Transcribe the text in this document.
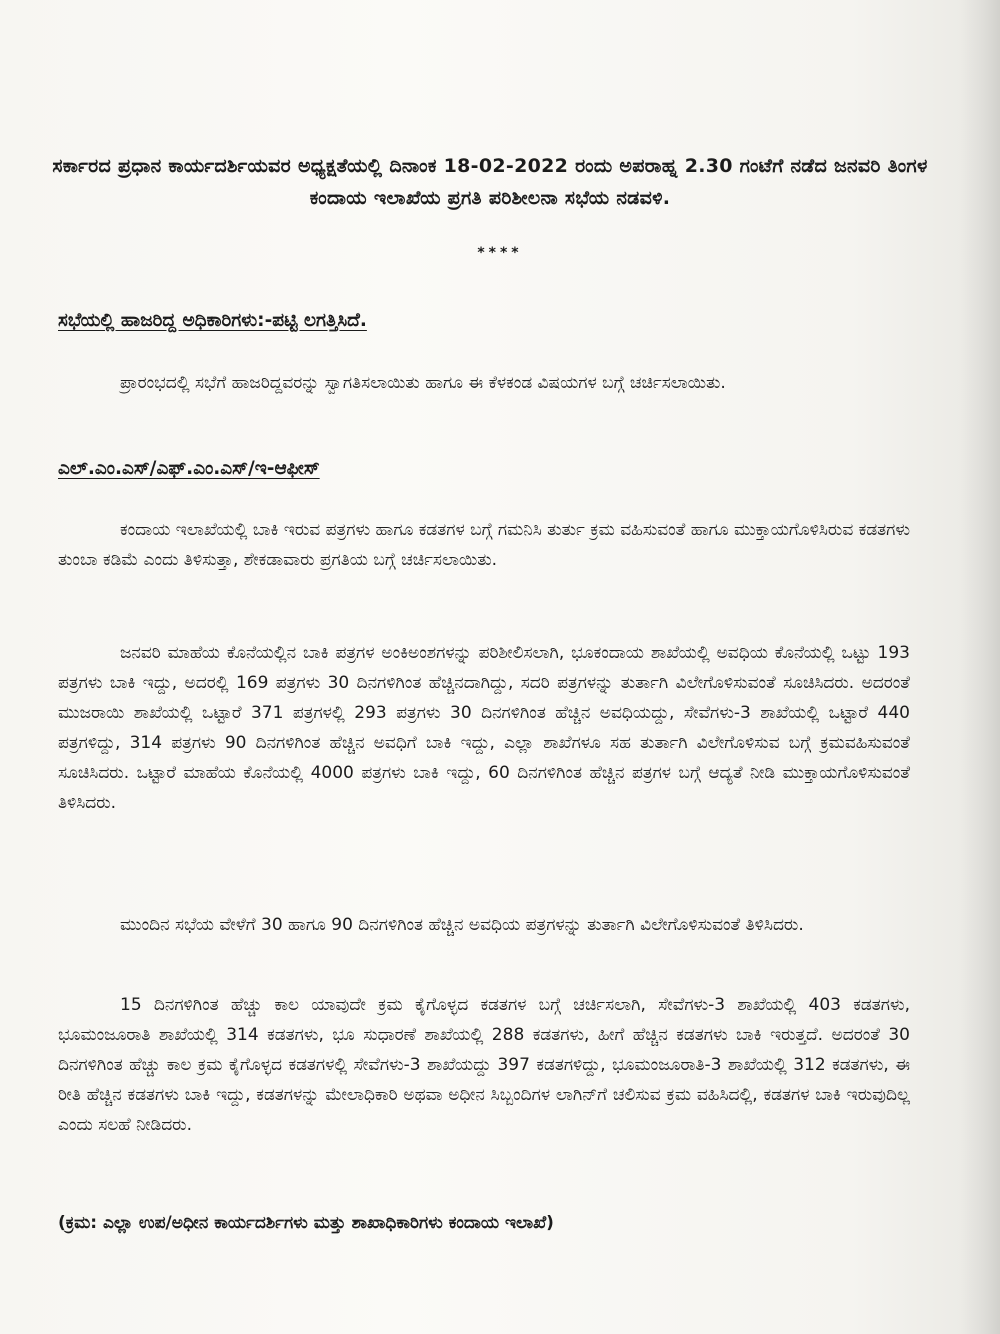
ಸರ್ಕಾರದ ಪ್ರಧಾನ ಕಾರ್ಯದರ್ಶಿಯವರ ಅಧ್ಯಕ್ಷತೆಯಲ್ಲಿ ದಿನಾಂಕ 18-02-2022 ರಂದು ಅಪರಾಹ್ನ 2.30 ಗಂಟೆಗೆ ನಡೆದ ಜನವರಿ ತಿಂಗಳ ಕಂದಾಯ ಇಲಾಖೆಯ ಪ್ರಗತಿ ಪರಿಶೀಲನಾ ಸಭೆಯ ನಡವಳಿ.
****
ಸಭೆಯಲ್ಲಿ ಹಾಜರಿದ್ದ ಅಧಿಕಾರಿಗಳು:-ಪಟ್ಟಿ ಲಗತ್ತಿಸಿದೆ.
ಪ್ರಾರಂಭದಲ್ಲಿ ಸಭೆಗೆ ಹಾಜರಿದ್ದವರನ್ನು ಸ್ವಾಗತಿಸಲಾಯಿತು ಹಾಗೂ ಈ ಕೆಳಕಂಡ ವಿಷಯಗಳ ಬಗ್ಗೆ ಚರ್ಚಿಸಲಾಯಿತು.
ಎಲ್.ಎಂ.ಎಸ್/ಎಫ್.ಎಂ.ಎಸ್/ಇ-ಆಫೀಸ್
ಕಂದಾಯ ಇಲಾಖೆಯಲ್ಲಿ ಬಾಕಿ ಇರುವ ಪತ್ರಗಳು ಹಾಗೂ ಕಡತಗಳ ಬಗ್ಗೆ ಗಮನಿಸಿ ತುರ್ತು ಕ್ರಮ ವಹಿಸುವಂತೆ ಹಾಗೂ ಮುಕ್ತಾಯಗೊಳಿಸಿರುವ ಕಡತಗಳು ತುಂಬಾ ಕಡಿಮೆ ಎಂದು ತಿಳಿಸುತ್ತಾ, ಶೇಕಡಾವಾರು ಪ್ರಗತಿಯ ಬಗ್ಗೆ ಚರ್ಚಿಸಲಾಯಿತು.
ಜನವರಿ ಮಾಹೆಯ ಕೊನೆಯಲ್ಲಿನ ಬಾಕಿ ಪತ್ರಗಳ ಅಂಕಿಅಂಶಗಳನ್ನು ಪರಿಶೀಲಿಸಲಾಗಿ, ಭೂಕಂದಾಯ ಶಾಖೆಯಲ್ಲಿ ಅವಧಿಯ ಕೊನೆಯಲ್ಲಿ ಒಟ್ಟು 193 ಪತ್ರಗಳು ಬಾಕಿ ಇದ್ದು, ಅದರಲ್ಲಿ 169 ಪತ್ರಗಳು 30 ದಿನಗಳಿಗಿಂತ ಹೆಚ್ಚಿನದಾಗಿದ್ದು, ಸದರಿ ಪತ್ರಗಳನ್ನು ತುರ್ತಾಗಿ ವಿಲೇಗೊಳಿಸುವಂತೆ ಸೂಚಿಸಿದರು. ಅದರಂತೆ ಮುಜರಾಯಿ ಶಾಖೆಯಲ್ಲಿ ಒಟ್ಟಾರೆ 371 ಪತ್ರಗಳಲ್ಲಿ 293 ಪತ್ರಗಳು 30 ದಿನಗಳಿಗಿಂತ ಹೆಚ್ಚಿನ ಅವಧಿಯದ್ದು, ಸೇವೆಗಳು-3 ಶಾಖೆಯಲ್ಲಿ ಒಟ್ಟಾರೆ 440 ಪತ್ರಗಳಿದ್ದು, 314 ಪತ್ರಗಳು 90 ದಿನಗಳಿಗಿಂತ ಹೆಚ್ಚಿನ ಅವಧಿಗೆ ಬಾಕಿ ಇದ್ದು, ಎಲ್ಲಾ ಶಾಖೆಗಳೂ ಸಹ ತುರ್ತಾಗಿ ವಿಲೇಗೊಳಿಸುವ ಬಗ್ಗೆ ಕ್ರಮವಹಿಸುವಂತೆ ಸೂಚಿಸಿದರು. ಒಟ್ಟಾರೆ ಮಾಹೆಯ ಕೊನೆಯಲ್ಲಿ 4000 ಪತ್ರಗಳು ಬಾಕಿ ಇದ್ದು, 60 ದಿನಗಳಿಗಿಂತ ಹೆಚ್ಚಿನ ಪತ್ರಗಳ ಬಗ್ಗೆ ಆದ್ಯತೆ ನೀಡಿ ಮುಕ್ತಾಯಗೊಳಿಸುವಂತೆ ತಿಳಿಸಿದರು.
ಮುಂದಿನ ಸಭೆಯ ವೇಳೆಗೆ 30 ಹಾಗೂ 90 ದಿನಗಳಿಗಿಂತ ಹೆಚ್ಚಿನ ಅವಧಿಯ ಪತ್ರಗಳನ್ನು ತುರ್ತಾಗಿ ವಿಲೇಗೊಳಿಸುವಂತೆ ತಿಳಿಸಿದರು.
15 ದಿನಗಳಿಗಿಂತ ಹೆಚ್ಚು ಕಾಲ ಯಾವುದೇ ಕ್ರಮ ಕೈಗೊಳ್ಳದ ಕಡತಗಳ ಬಗ್ಗೆ ಚರ್ಚಿಸಲಾಗಿ, ಸೇವೆಗಳು-3 ಶಾಖೆಯಲ್ಲಿ 403 ಕಡತಗಳು, ಭೂಮಂಜೂರಾತಿ ಶಾಖೆಯಲ್ಲಿ 314 ಕಡತಗಳು, ಭೂ ಸುಧಾರಣೆ ಶಾಖೆಯಲ್ಲಿ 288 ಕಡತಗಳು, ಹೀಗೆ ಹೆಚ್ಚಿನ ಕಡತಗಳು ಬಾಕಿ ಇರುತ್ತದೆ. ಅದರಂತೆ 30 ದಿನಗಳಿಗಿಂತ ಹೆಚ್ಚು ಕಾಲ ಕ್ರಮ ಕೈಗೊಳ್ಳದ ಕಡತಗಳಲ್ಲಿ ಸೇವೆಗಳು-3 ಶಾಖೆಯದ್ದು 397 ಕಡತಗಳಿದ್ದು, ಭೂಮಂಜೂರಾತಿ-3 ಶಾಖೆಯಲ್ಲಿ 312 ಕಡತಗಳು, ಈ ರೀತಿ ಹೆಚ್ಚಿನ ಕಡತಗಳು ಬಾಕಿ ಇದ್ದು, ಕಡತಗಳನ್ನು ಮೇಲಾಧಿಕಾರಿ ಅಥವಾ ಅಧೀನ ಸಿಬ್ಬಂದಿಗಳ ಲಾಗಿನ್‌ಗೆ ಚಲಿಸುವ ಕ್ರಮ ವಹಿಸಿದಲ್ಲಿ, ಕಡತಗಳ ಬಾಕಿ ಇರುವುದಿಲ್ಲ ಎಂದು ಸಲಹೆ ನೀಡಿದರು.
(ಕ್ರಮ: ಎಲ್ಲಾ ಉಪ/ಅಧೀನ ಕಾರ್ಯದರ್ಶಿಗಳು ಮತ್ತು ಶಾಖಾಧಿಕಾರಿಗಳು ಕಂದಾಯ ಇಲಾಖೆ)
